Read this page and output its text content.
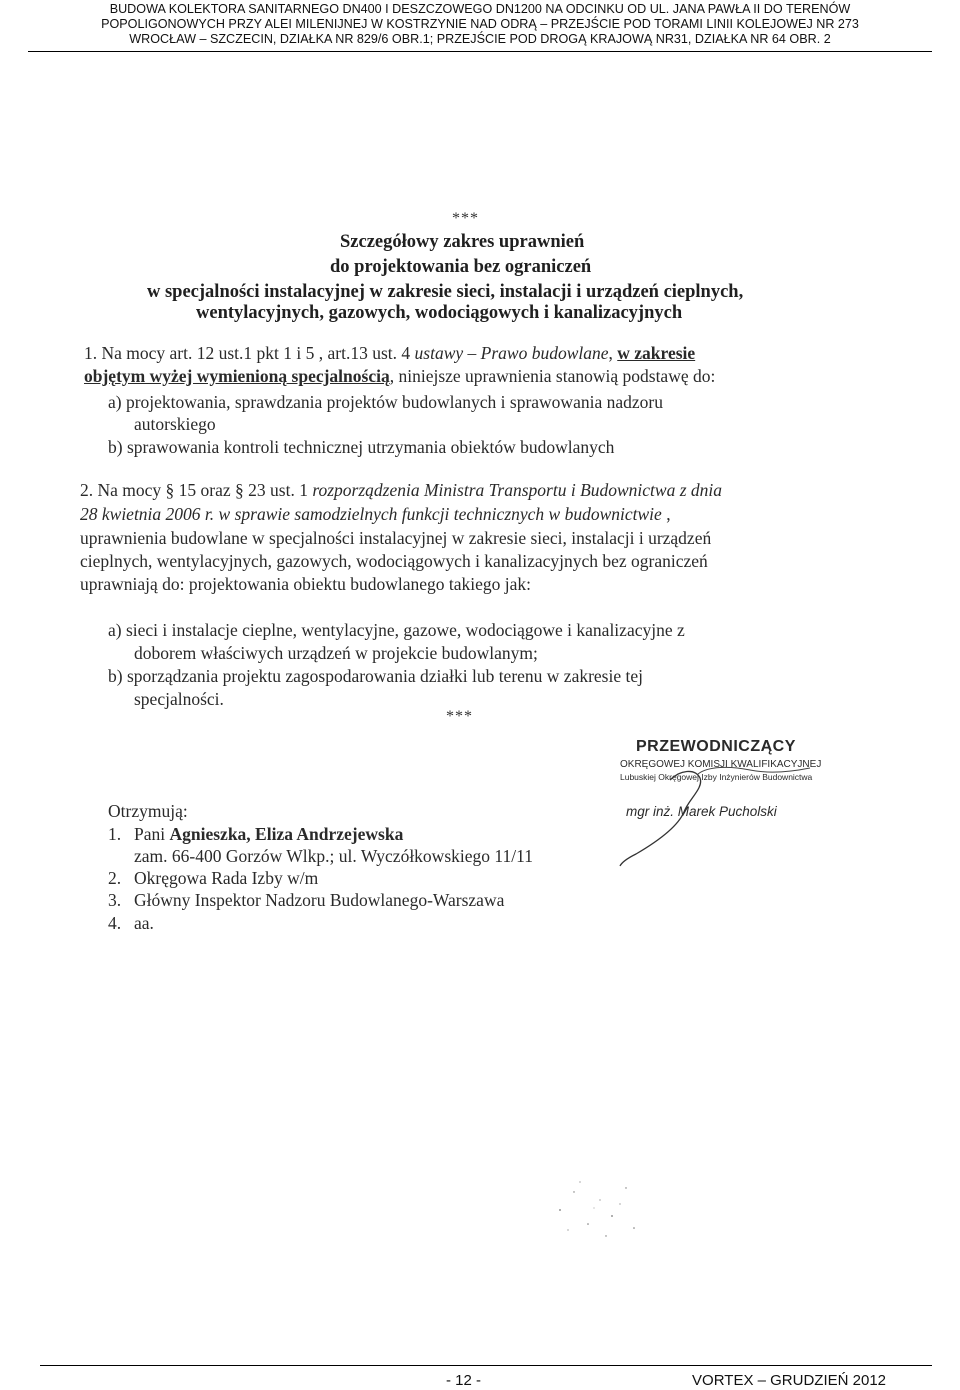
BUDOWA KOLEKTORA SANITARNEGO DN400 I DESZCZOWEGO DN1200 NA ODCINKU OD UL. JANA PAWŁA II DO TERENÓW
POPOLIGONOWYCH PRZY ALEI MILENIJNEJ W KOSTRZYNIE NAD ODRĄ – PRZEJŚCIE POD TORAMI LINII KOLEJOWEJ NR 273
WROCŁAW – SZCZECIN, DZIAŁKA NR 829/6 OBR.1; PRZEJŚCIE POD DROGĄ KRAJOWĄ NR31, DZIAŁKA NR 64 OBR. 2
***
Szczegółowy zakres uprawnień
do projektowania bez ograniczeń
w specjalności instalacyjnej w zakresie sieci, instalacji i urządzeń cieplnych,
wentylacyjnych, gazowych, wodociągowych i kanalizacyjnych
1. Na mocy art. 12 ust.1 pkt 1 i 5 , art.13 ust. 4 ustawy – Prawo budowlane, w zakresie
objętym wyżej wymienioną specjalnością, niniejsze uprawnienia stanowią podstawę do:
a) projektowania, sprawdzania projektów budowlanych i sprawowania nadzoru
autorskiego
b) sprawowania kontroli technicznej utrzymania obiektów budowlanych
2. Na mocy § 15 oraz § 23 ust. 1 rozporządzenia Ministra Transportu i Budownictwa z dnia
28 kwietnia 2006 r. w sprawie samodzielnych funkcji technicznych w budownictwie ,
uprawnienia budowlane w specjalności instalacyjnej w zakresie sieci, instalacji i urządzeń
cieplnych, wentylacyjnych, gazowych, wodociągowych i kanalizacyjnych bez ograniczeń
uprawniają do: projektowania obiektu budowlanego takiego jak:
a) sieci i instalacje cieplne, wentylacyjne, gazowe, wodociągowe i kanalizacyjne z
doborem właściwych urządzeń w projekcie budowlanym;
b) sporządzania projektu zagospodarowania działki lub terenu w zakresie tej
specjalności.
***
PRZEWODNICZĄCY
OKRĘGOWEJ KOMISJI KWALIFIKACYJNEJ
Lubuskiej Okręgowej Izby Inżynierów Budownictwa
mgr inż. Marek Pucholski
Otrzymują:
1. Pani Agnieszka, Eliza Andrzejewska
zam. 66-400 Gorzów Wlkp.; ul. Wyczółkowskiego 11/11
2. Okręgowa Rada Izby w/m
3. Główny Inspektor Nadzoru Budowlanego-Warszawa
4. aa.
- 12 -	VORTEX – GRUDZIEŃ 2012
